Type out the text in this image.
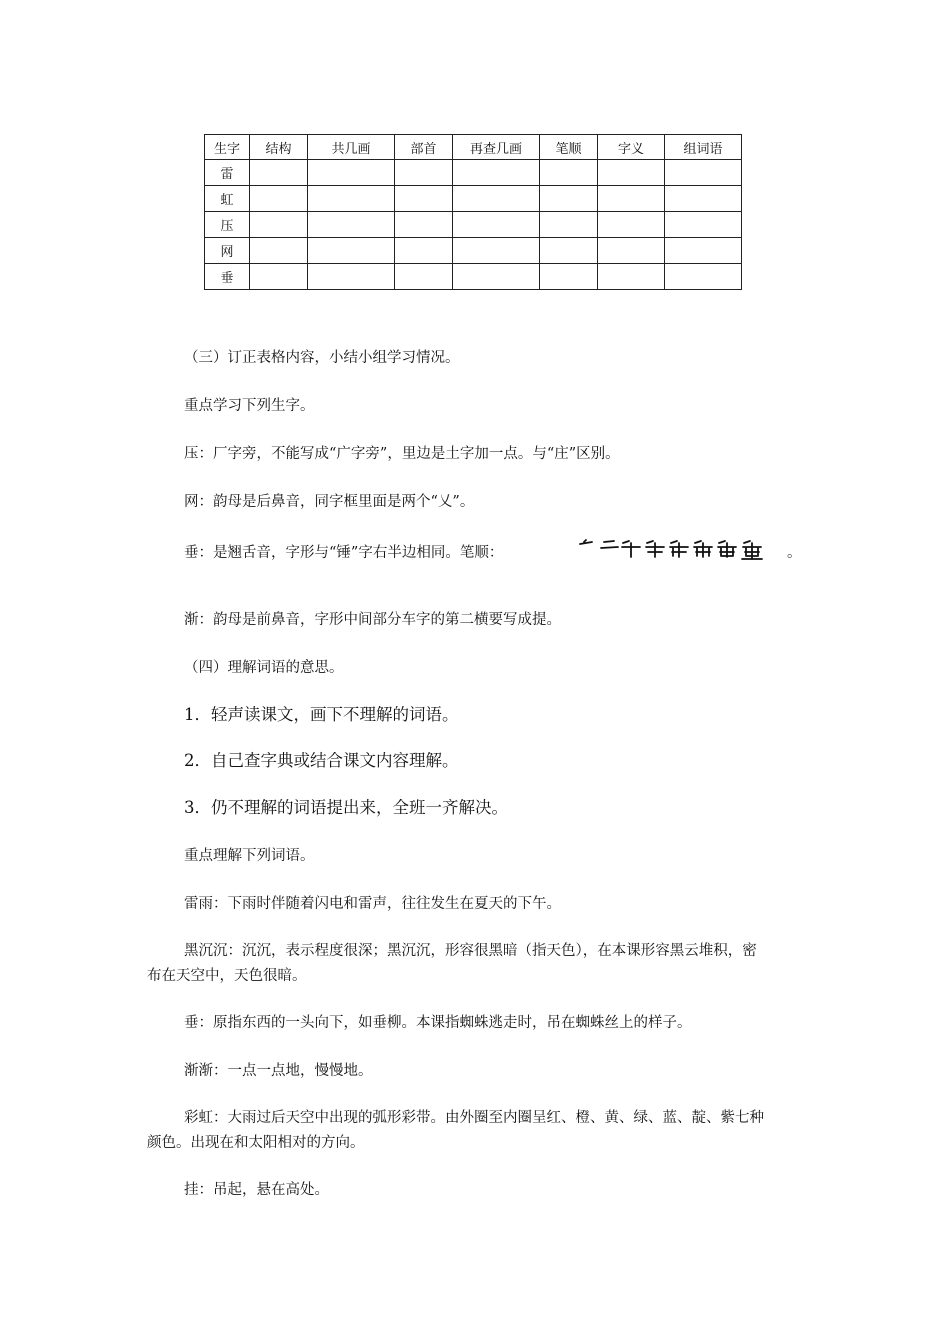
生字	结构	共几画	部首	再查几画	笔顺	字义	组词语
雷							
虹							
压							
网							
垂							
（三）订正表格内容，小结小组学习情况。
重点学习下列生字。
压：厂字旁，不能写成“广字旁”，里边是土字加一点。与“庄”区别。
网：韵母是后鼻音，同字框里面是两个“乂”。
垂：是翘舌音，字形与“锤”字右半边相同。笔顺：	。
渐：韵母是前鼻音，字形中间部分车字的第二横要写成提。
（四）理解词语的意思。
1．轻声读课文，画下不理解的词语。
2．自己查字典或结合课文内容理解。
3．仍不理解的词语提出来，全班一齐解决。
重点理解下列词语。
雷雨：下雨时伴随着闪电和雷声，往往发生在夏天的下午。
黑沉沉：沉沉，表示程度很深；黑沉沉，形容很黑暗（指天色），在本课形容黑云堆积，密
布在天空中，天色很暗。
垂：原指东西的一头向下，如垂柳。本课指蜘蛛逃走时，吊在蜘蛛丝上的样子。
渐渐：一点一点地，慢慢地。
彩虹：大雨过后天空中出现的弧形彩带。由外圈至内圈呈红、橙、黄、绿、蓝、靛、紫七种
颜色。出现在和太阳相对的方向。
挂：吊起，悬在高处。
